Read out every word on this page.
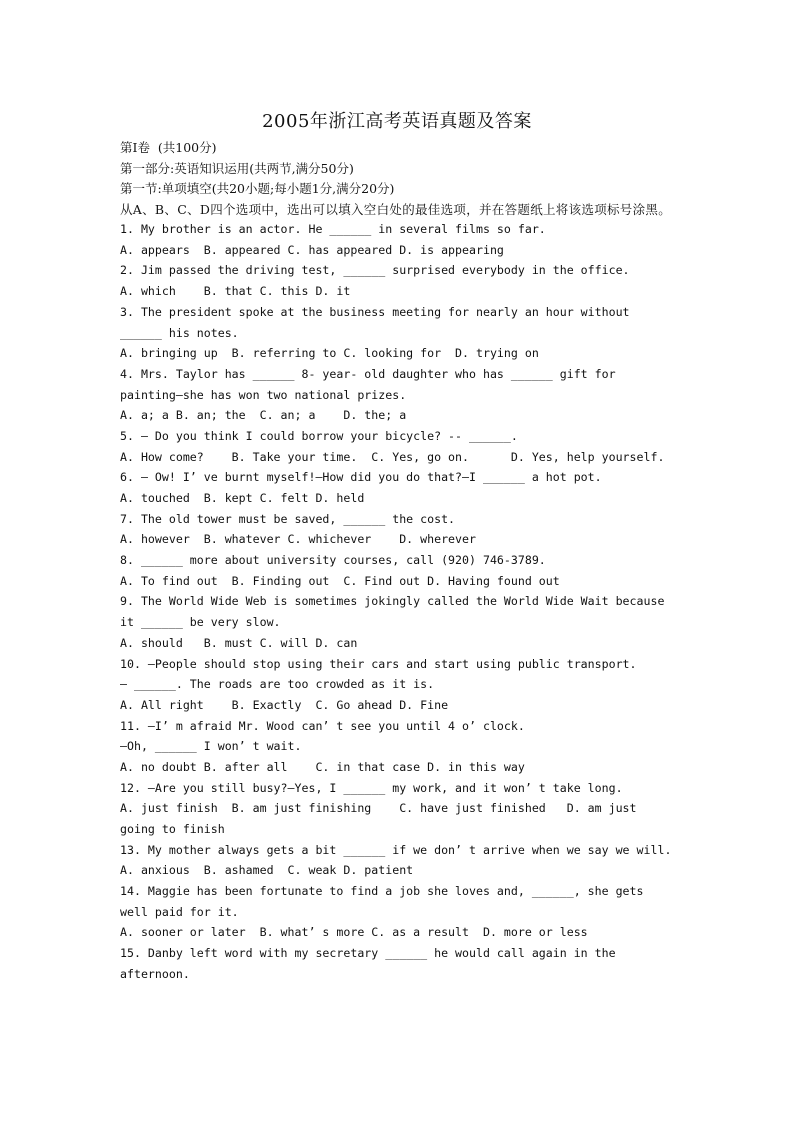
2005年浙江高考英语真题及答案
第Ⅰ卷  (共100分)
第一部分:英语知识运用(共两节,满分50分)
第一节:单项填空(共20小题;每小题1分,满分20分)
从A、B、C、D四个选项中，选出可以填入空白处的最佳选项，并在答题纸上将该选项标号涂黑。
1. My brother is an actor. He ______ in several films so far.
A. appears  B. appeared C. has appeared D. is appearing
2. Jim passed the driving test, ______ surprised everybody in the office.
A. which    B. that C. this D. it
3. The president spoke at the business meeting for nearly an hour without
______ his notes.
A. bringing up  B. referring to C. looking for  D. trying on
4. Mrs. Taylor has ______ 8- year- old daughter who has ______ gift for
painting—she has won two national prizes.
A. a; a B. an; the  C. an; a    D. the; a
5. — Do you think I could borrow your bicycle? -- ______.
A. How come?    B. Take your time.  C. Yes, go on.      D. Yes, help yourself.
6. – Ow! I’ ve burnt myself!—How did you do that?—I ______ a hot pot.
A. touched  B. kept C. felt D. held
7. The old tower must be saved, ______ the cost.
A. however  B. whatever C. whichever    D. wherever
8. ______ more about university courses, call (920) 746-3789.
A. To find out  B. Finding out  C. Find out D. Having found out
9. The World Wide Web is sometimes jokingly called the World Wide Wait because
it ______ be very slow.
A. should   B. must C. will D. can
10. —People should stop using their cars and start using public transport.
— ______. The roads are too crowded as it is.
A. All right    B. Exactly  C. Go ahead D. Fine
11. —I’ m afraid Mr. Wood can’ t see you until 4 o’ clock.
—Oh, ______ I won’ t wait.
A. no doubt B. after all    C. in that case D. in this way
12. —Are you still busy?—Yes, I ______ my work, and it won’ t take long.
A. just finish  B. am just finishing    C. have just finished   D. am just
going to finish
13. My mother always gets a bit ______ if we don’ t arrive when we say we will.
A. anxious  B. ashamed  C. weak D. patient
14. Maggie has been fortunate to find a job she loves and, ______, she gets
well paid for it.
A. sooner or later  B. what’ s more C. as a result  D. more or less
15. Danby left word with my secretary ______ he would call again in the
afternoon.
